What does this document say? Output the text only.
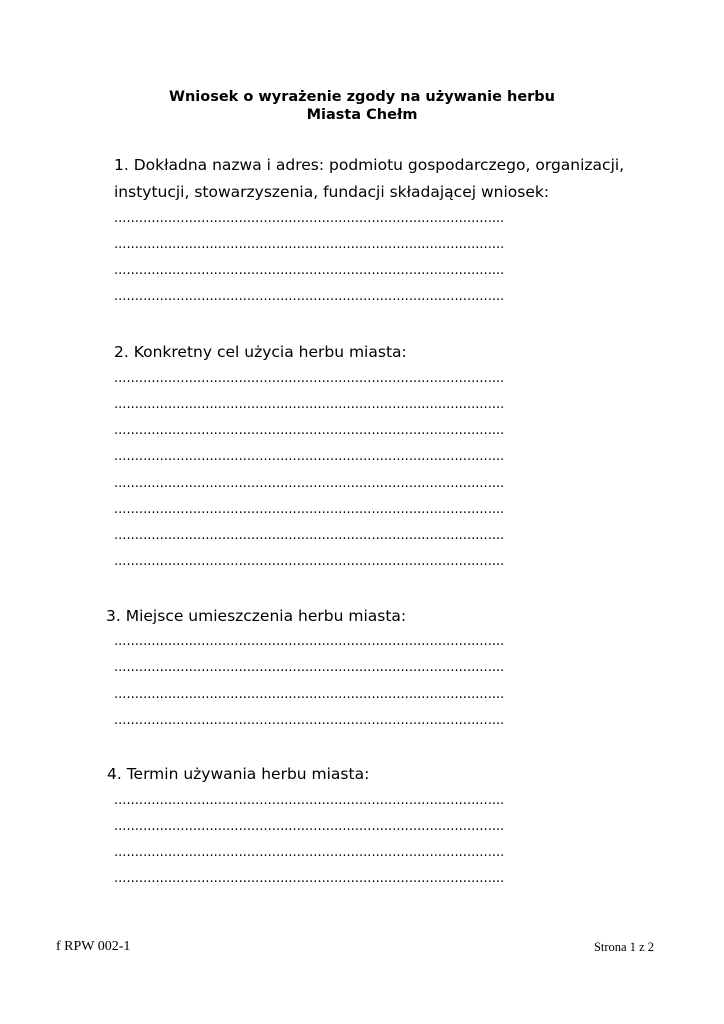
Wniosek o wyrażenie zgody na używanie herbu
Miasta Chełm
1. Dokładna nazwa i adres: podmiotu gospodarczego, organizacji,
instytucji, stowarzyszenia, fundacji składającej wniosek:
..............................................................................................
..............................................................................................
..............................................................................................
..............................................................................................
2. Konkretny cel użycia herbu miasta:
..............................................................................................
..............................................................................................
..............................................................................................
..............................................................................................
..............................................................................................
..............................................................................................
..............................................................................................
..............................................................................................
3. Miejsce umieszczenia herbu miasta:
..............................................................................................
..............................................................................................
..............................................................................................
..............................................................................................
4. Termin używania herbu miasta:
..............................................................................................
..............................................................................................
..............................................................................................
..............................................................................................
f RPW 002-1	Strona 1 z 2
